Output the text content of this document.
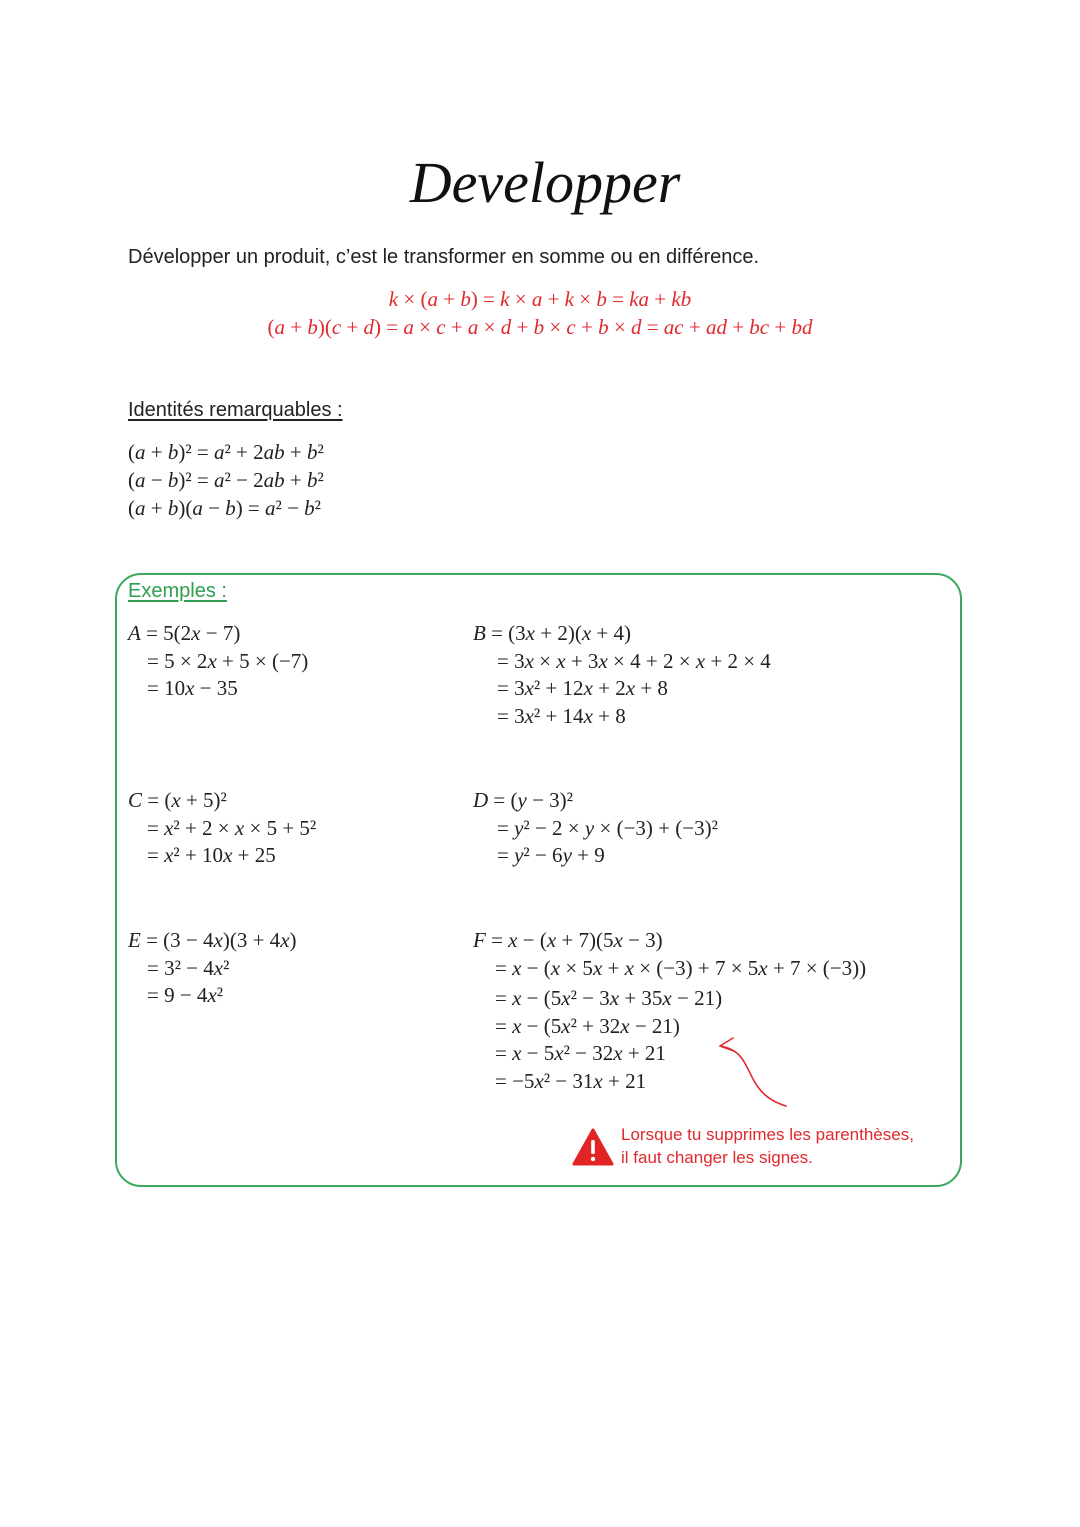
Developper

Développer un produit, c’est le transformer en somme ou en différence.

k × (a + b) = k × a + k × b = ka + kb

(a + b)(c + d) = a × c + a × d + b × c + b × d = ac + ad + bc + bd

Identités remarquables :

(a + b)² = a² + 2ab + b²

(a − b)² = a² − 2ab + b²

(a + b)(a − b) = a² − b²

Exemples :

A = 5(2x − 7)

= 5 × 2x + 5 × (−7)

= 10x − 35

B = (3x + 2)(x + 4)

= 3x × x + 3x × 4 + 2 × x + 2 × 4

= 3x² + 12x + 2x + 8

= 3x² + 14x + 8

C = (x + 5)²

= x² + 2 × x × 5 + 5²

= x² + 10x + 25

D = (y − 3)²

= y² − 2 × y × (−3) + (−3)²

= y² − 6y + 9

E = (3 − 4x)(3 + 4x)

= 3² − 4x²

= 9 − 4x²

F = x − (x + 7)(5x − 3)

= x − (x × 5x + x × (−3) + 7 × 5x + 7 × (−3))

= x − (5x² − 3x + 35x − 21)

= x − (5x² + 32x − 21)

= x − 5x² − 32x + 21

= −5x² − 31x + 21

Lorsque tu supprimes les parenthèses,

il faut changer les signes.
